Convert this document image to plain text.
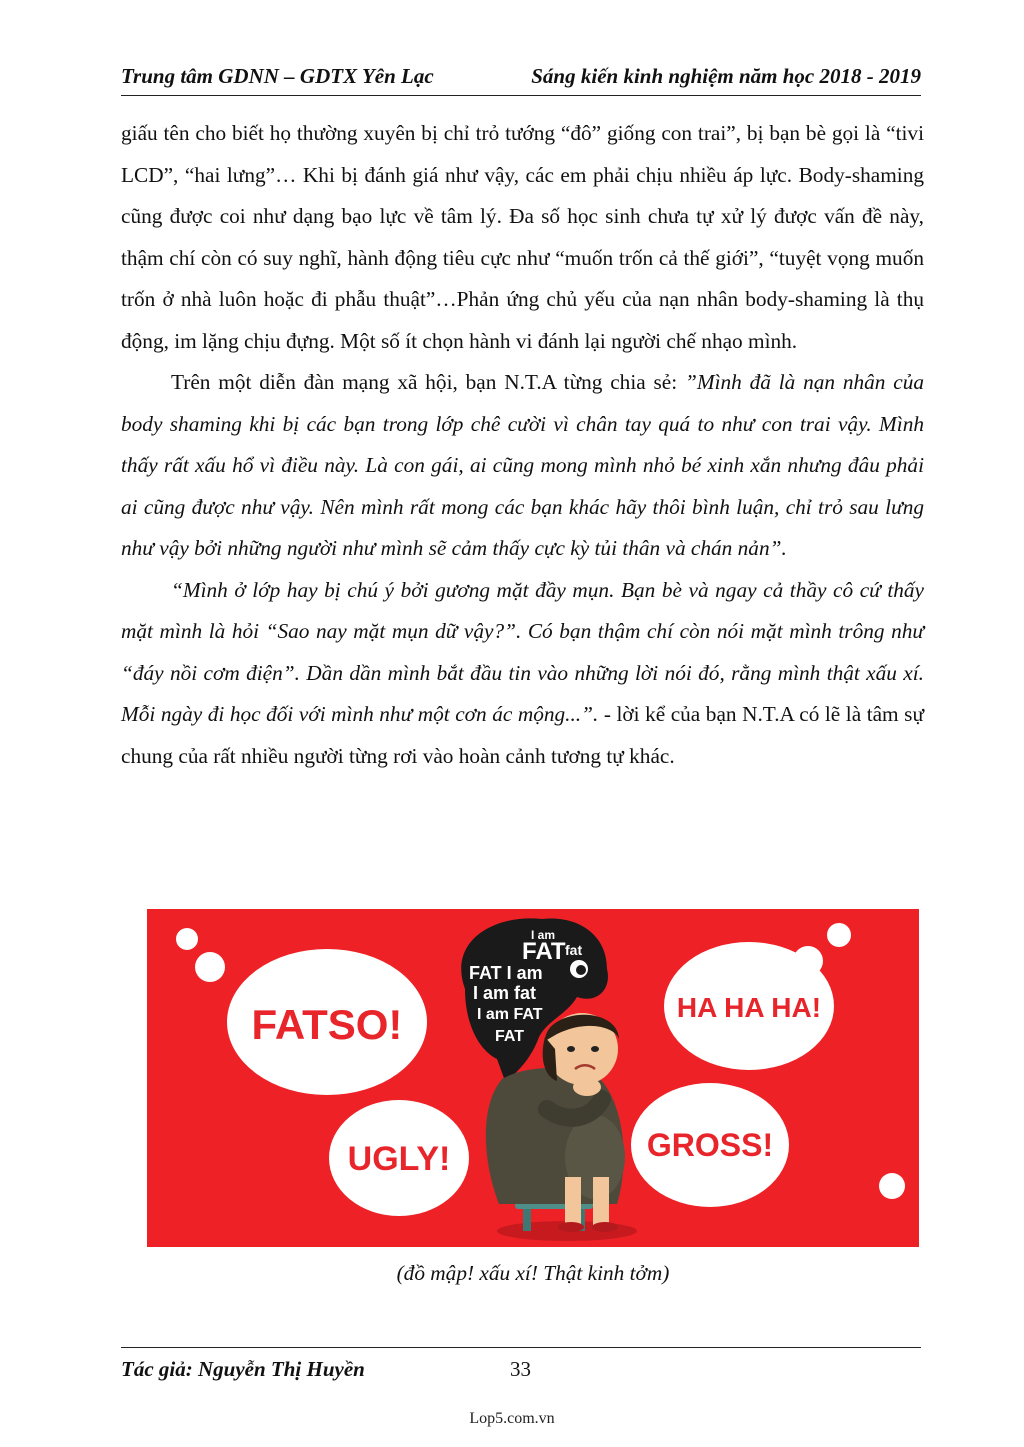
Trung tâm GDNN – GDTX Yên Lạc	Sáng kiến kinh nghiệm năm học 2018 - 2019

giấu tên cho biết họ thường xuyên bị chỉ trỏ tướng “đô” giống con trai”, bị bạn bè gọi là “tivi LCD”, “hai lưng”… Khi bị đánh giá như vậy, các em phải chịu nhiều áp lực. Body-shaming cũng được coi như dạng bạo lực về tâm lý. Đa số học sinh chưa tự xử lý được vấn đề này, thậm chí còn có suy nghĩ, hành động tiêu cực như “muốn trốn cả thế giới”, “tuyệt vọng muốn trốn ở nhà luôn hoặc đi phẫu thuật”…Phản ứng chủ yếu của nạn nhân body-shaming là thụ động, im lặng chịu đựng. Một số ít chọn hành vi đánh lại người chế nhạo mình.

Trên một diễn đàn mạng xã hội, bạn N.T.A từng chia sẻ: ”Mình đã là nạn nhân của body shaming khi bị các bạn trong lớp chê cười vì chân tay quá to như con trai vậy. Mình thấy rất xấu hổ vì điều này. Là con gái, ai cũng mong mình nhỏ bé xinh xắn nhưng đâu phải ai cũng được như vậy. Nên mình rất mong các bạn khác hãy thôi bình luận, chỉ trỏ sau lưng như vậy bởi những người như mình sẽ cảm thấy cực kỳ tủi thân và chán nản”.

“Mình ở lớp hay bị chú ý bởi gương mặt đầy mụn. Bạn bè và ngay cả thầy cô cứ thấy mặt mình là hỏi “Sao nay mặt mụn dữ vậy?”. Có bạn thậm chí còn nói mặt mình trông như “đáy nồi cơm điện”. Dần dần mình bắt đầu tin vào những lời nói đó, rằng mình thật xấu xí. Mỗi ngày đi học đối với mình như một cơn ác mộng...”. - lời kể của bạn N.T.A có lẽ là tâm sự chung của rất nhiều người từng rơi vào hoàn cảnh tương tự khác.

FATSO!	HA HA HA!
UGLY!	GROSS!
I am
FAT fat
FAT I am
I am fat
I am FAT
FAT
(đồ mập! xấu xí! Thật kinh tởm)
Tác giả: Nguyễn Thị Huyền	33
Lop5.com.vn
